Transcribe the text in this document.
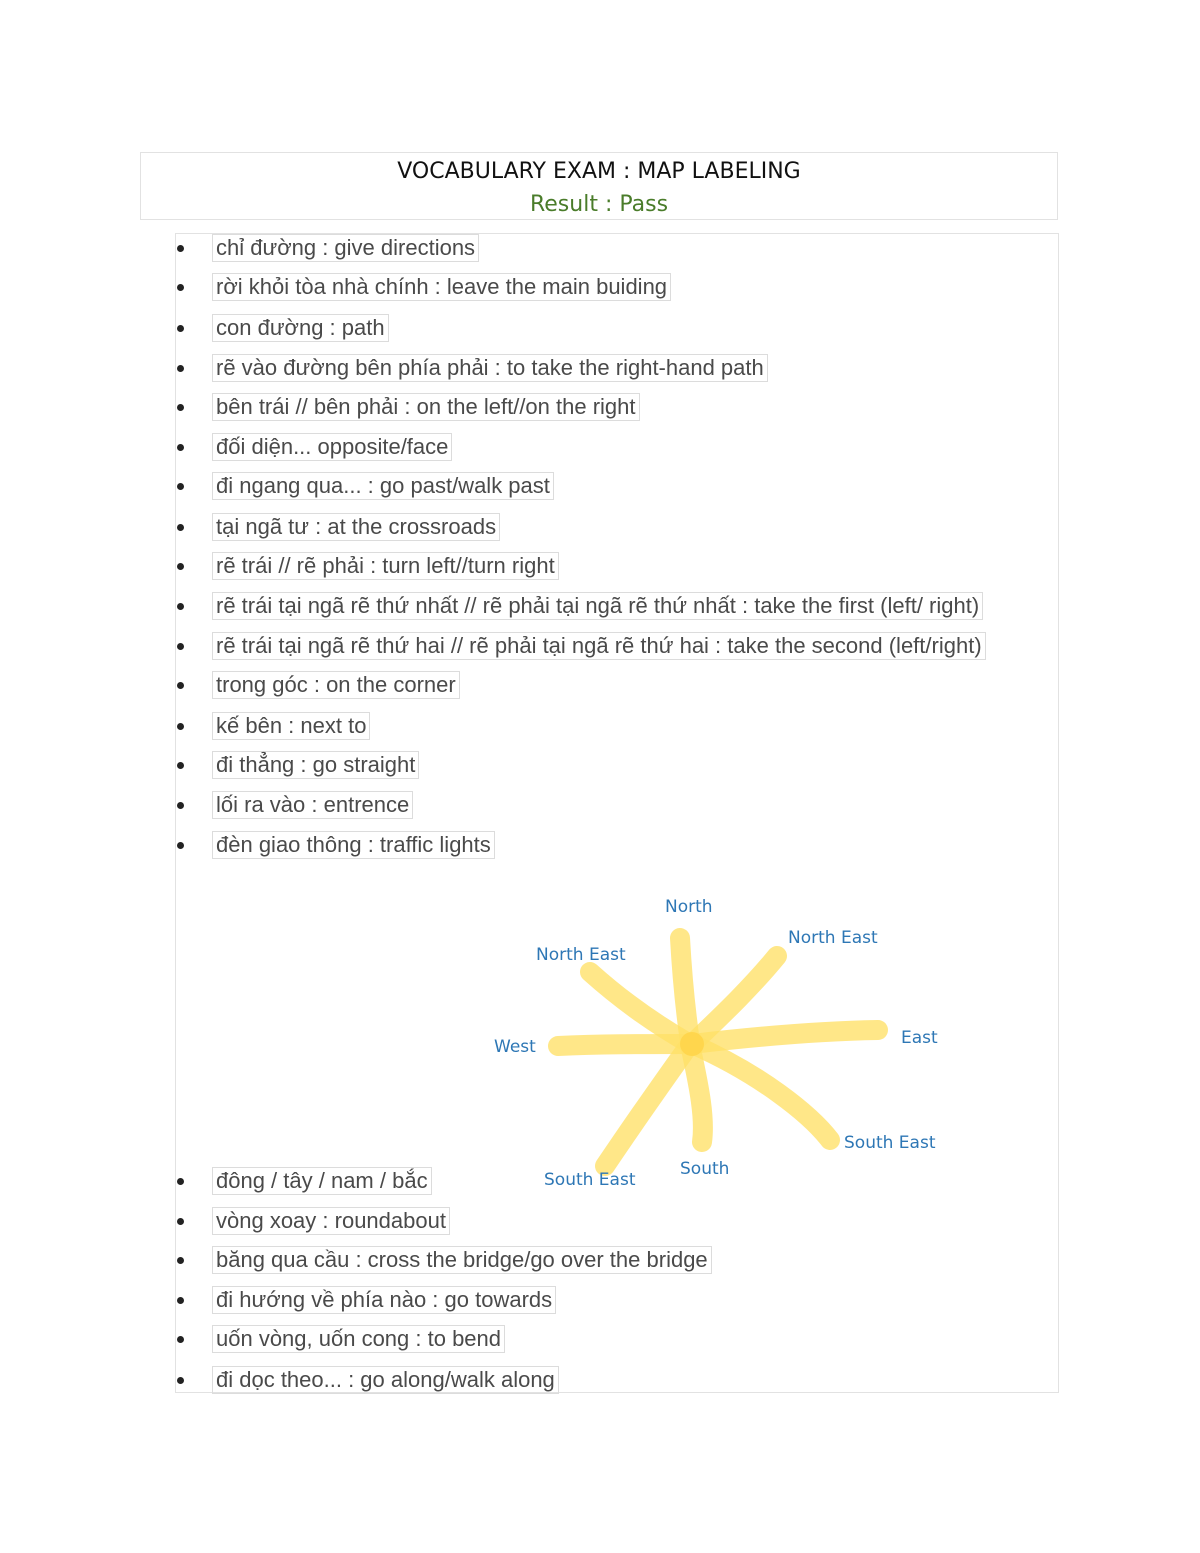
VOCABULARY EXAM : MAP LABELING
Result : Pass
chỉ đường : give directions
rời khỏi tòa nhà chính : leave the main buiding
con đường : path
rẽ vào đường bên phía phải : to take the right-hand path
bên trái // bên phải : on the left//on the right
đối diện... opposite/face
đi ngang qua... : go past/walk past
tại ngã tư : at the crossroads
rẽ trái // rẽ phải : turn left//turn right
rẽ trái tại ngã rẽ thứ nhất // rẽ phải tại ngã rẽ thứ nhất : take the first (left/ right)
rẽ trái tại ngã rẽ thứ hai // rẽ phải tại ngã rẽ thứ hai : take the second (left/right)
trong góc : on the corner
kế bên : next to
đi thẳng : go straight
lối ra vào : entrence
đèn giao thông : traffic lights
đông / tây / nam / bắc
vòng xoay : roundabout
băng qua cầu : cross the bridge/go over the bridge
đi hướng về phía nào : go towards
uốn vòng, uốn cong : to bend
đi dọc theo... : go along/walk along
North
North East
North East
West	East
South East
South
South East
